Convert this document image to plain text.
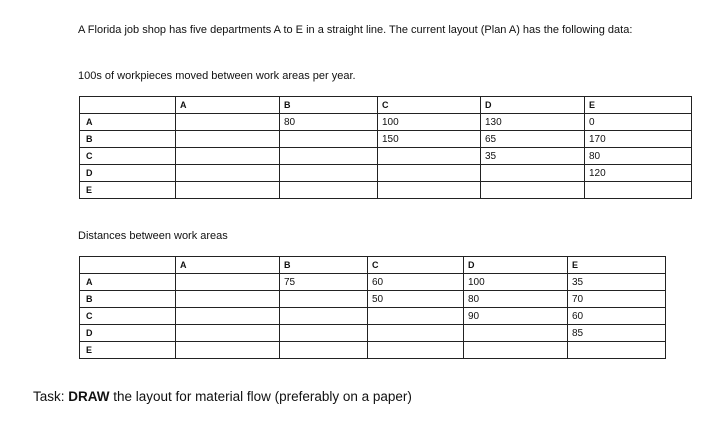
A Florida job shop has five departments A to E in a straight line. The current layout (Plan A) has the following data:
100s of workpieces moved between work areas per year.
	A	B	C	D	E
A		80	100	130	0
B			150	65	170
C				35	80
D					120
E					
Distances between work areas
	A	B	C	D	E
A		75	60	100	35
B			50	80	70
C				90	60
D					85
E					
Task: DRAW the layout for material flow (preferably on a paper)
